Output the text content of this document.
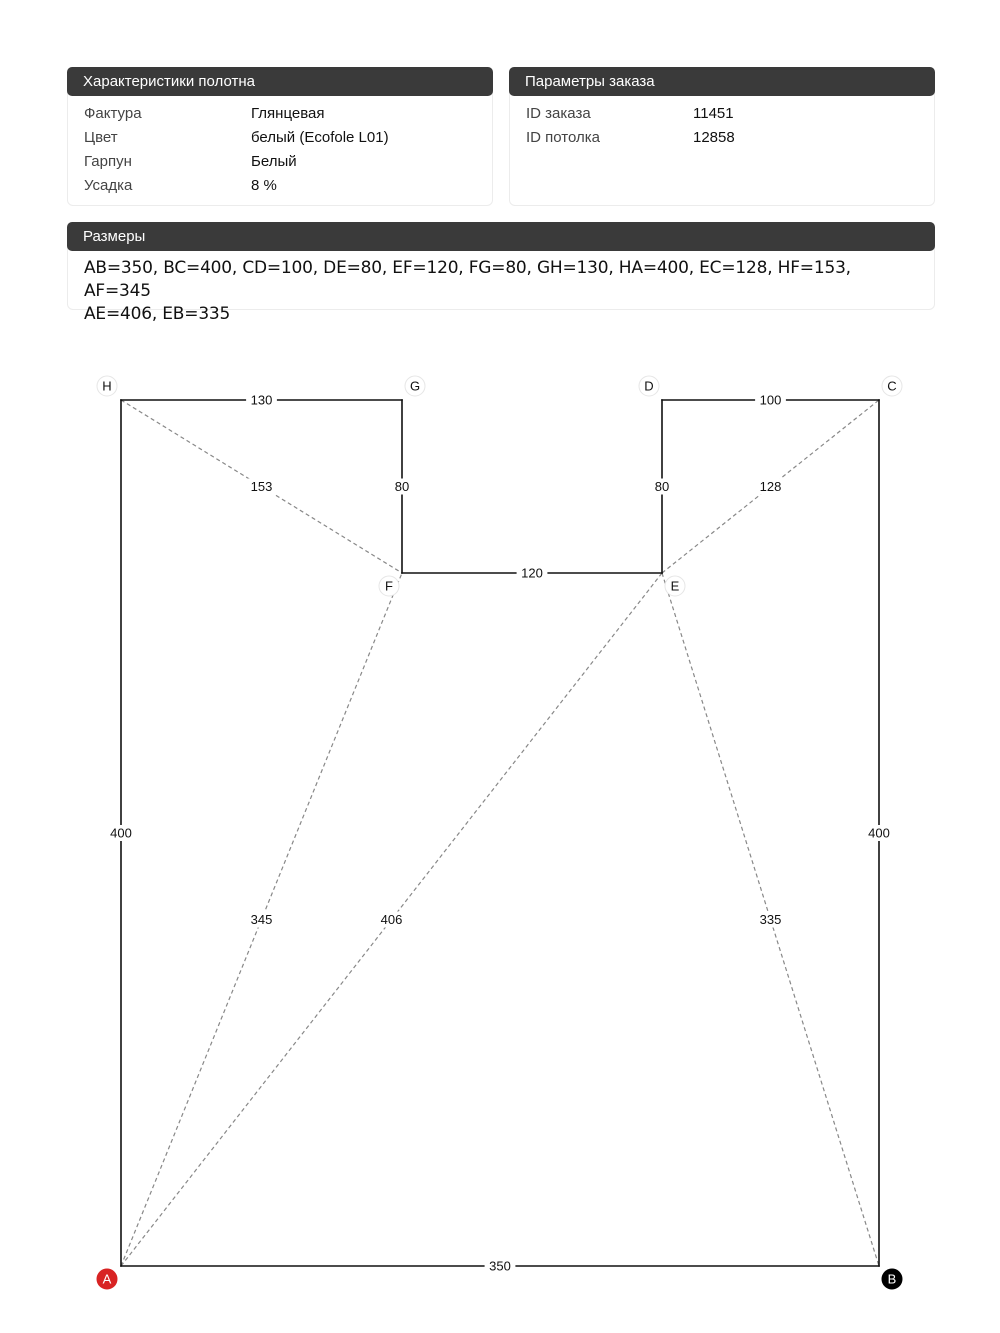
Характеристики полотна
Фактура	Глянцевая
Цвет	белый (Ecofole L01)
Гарпун	Белый
Усадка	8 %
Параметры заказа
ID заказа	11451
ID потолка	12858
Размеры
AB=350, BC=400, CD=100, DE=80, EF=120, FG=80, GH=130, HA=400, EC=128, HF=153, AF=345
AE=406, EB=335
128
153
345	406	335
350
400
100
80
120
80
130
400
A	B
C
D
E
F
G
H
